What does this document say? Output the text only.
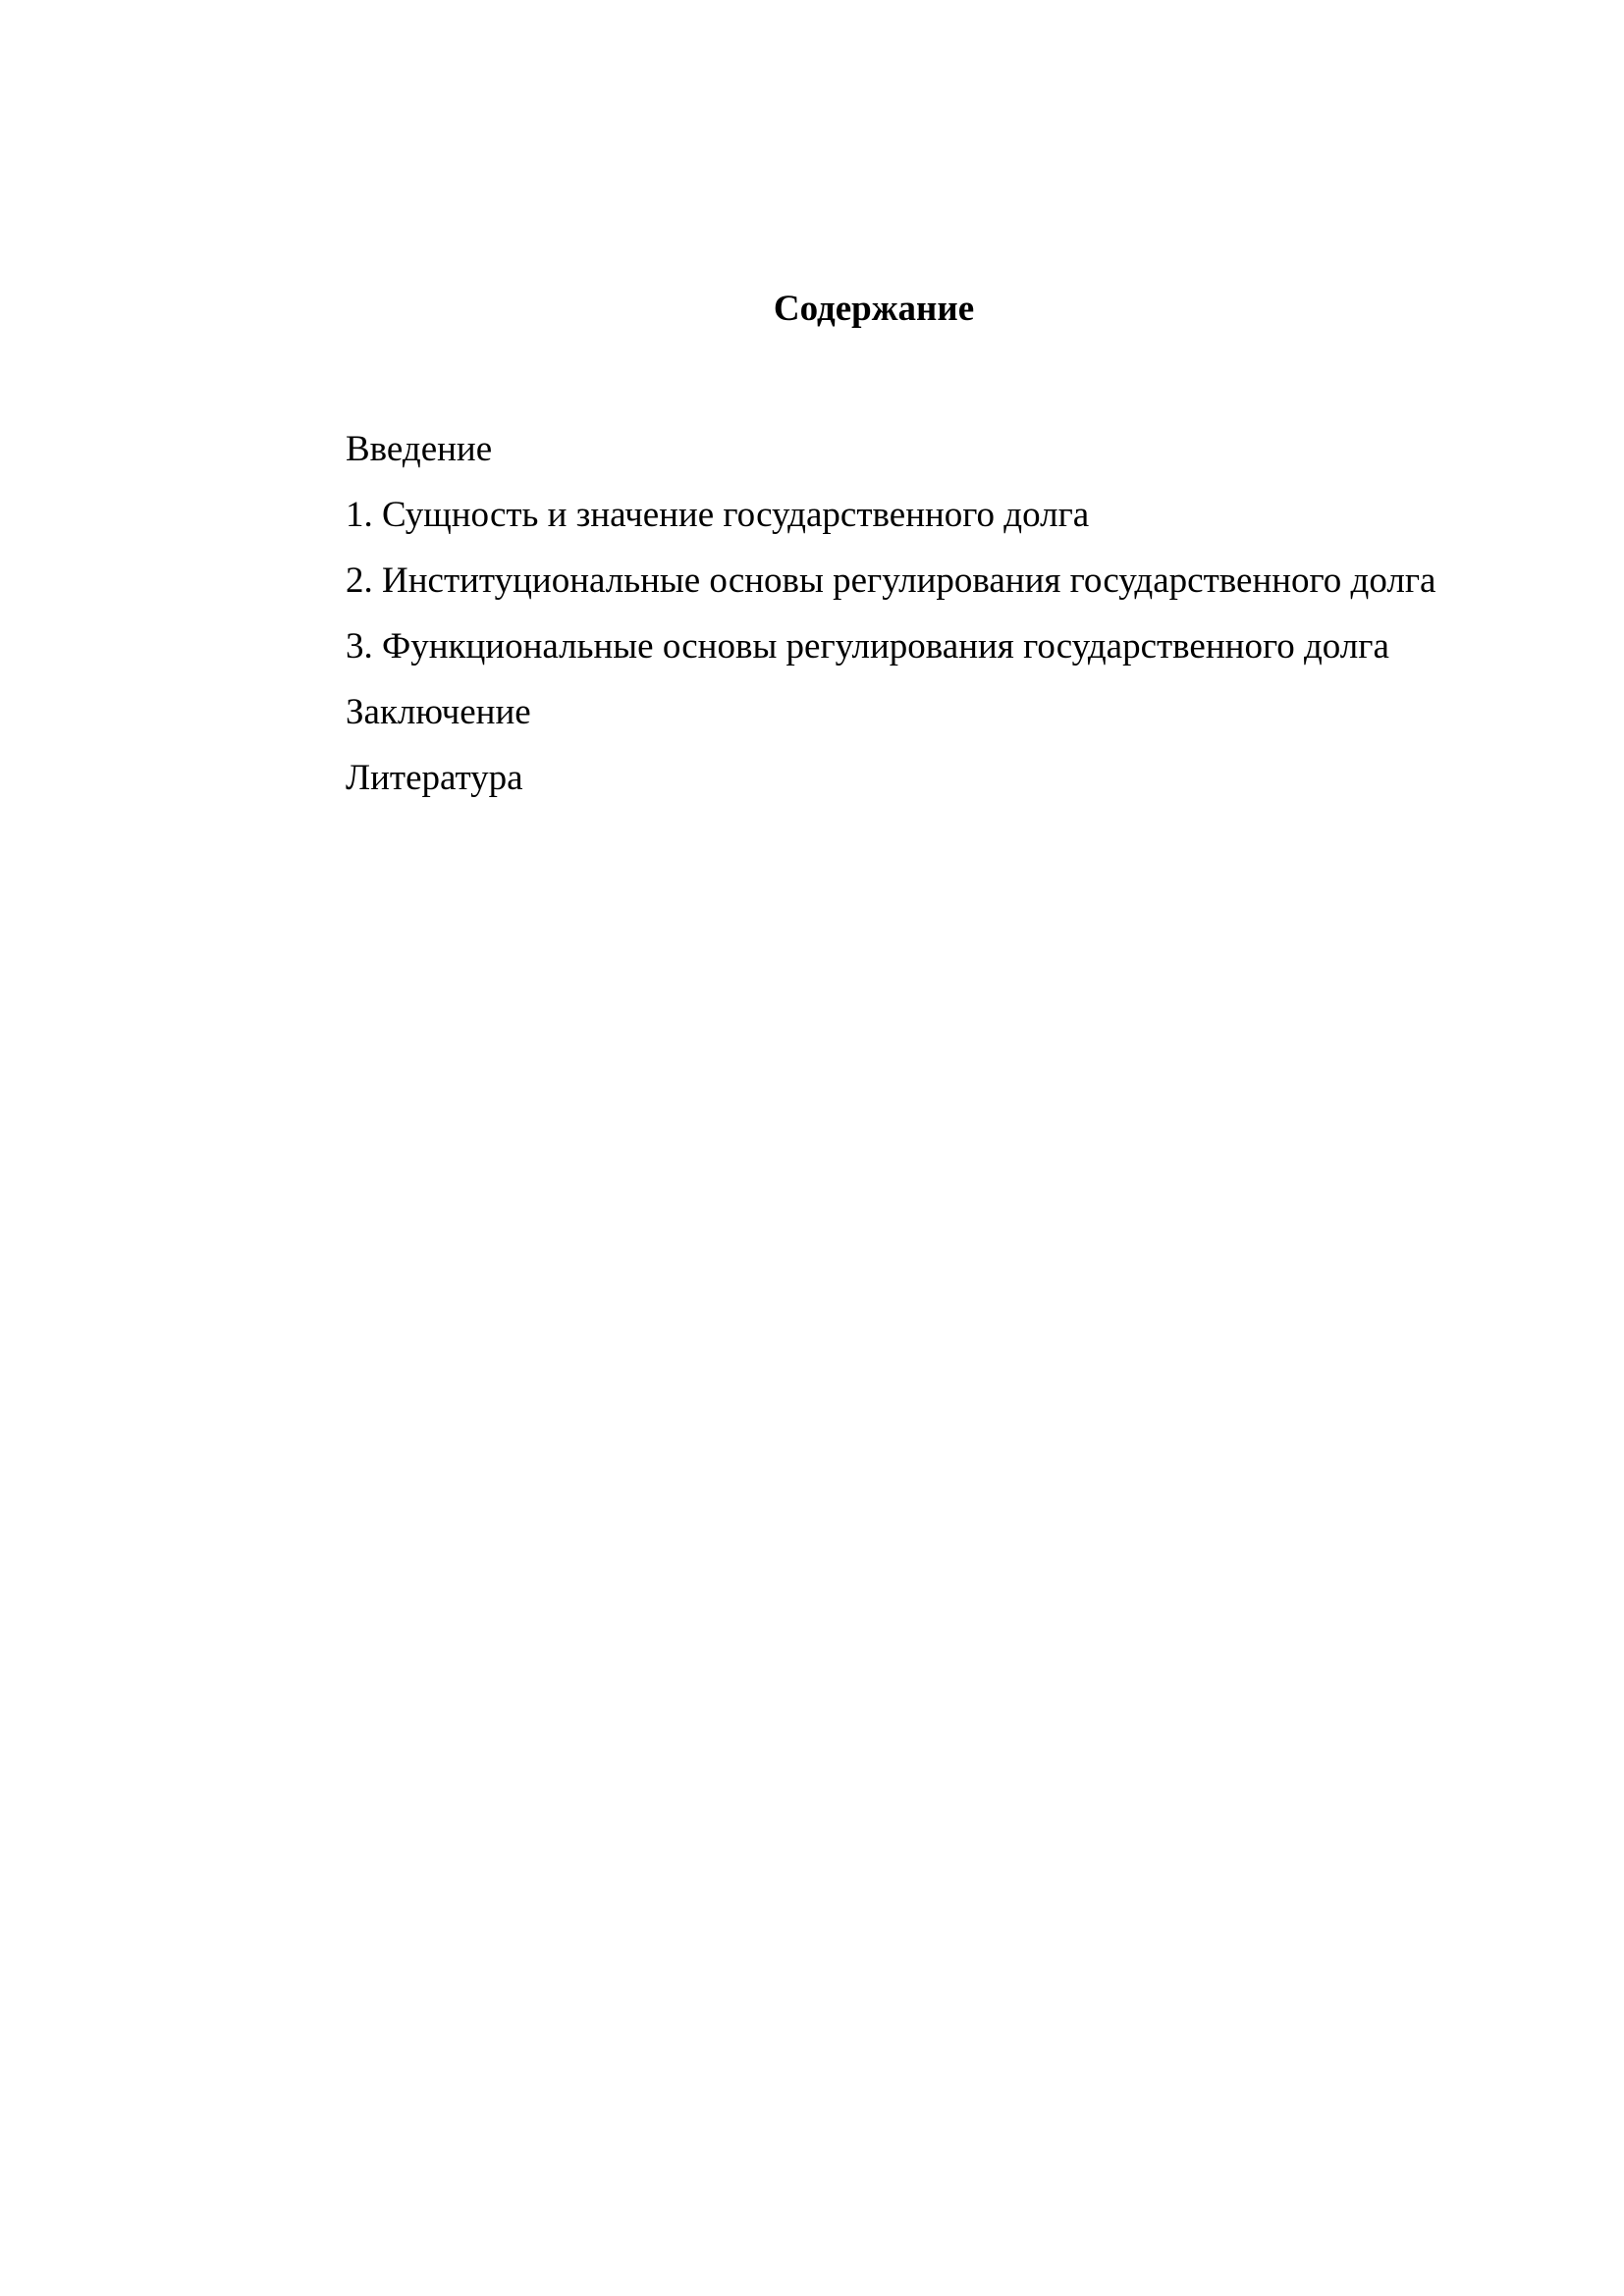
Содержание
Введение
1. Сущность и значение государственного долга
2. Институциональные основы регулирования государственного долга
3. Функциональные основы регулирования государственного долга
Заключение
Литература
